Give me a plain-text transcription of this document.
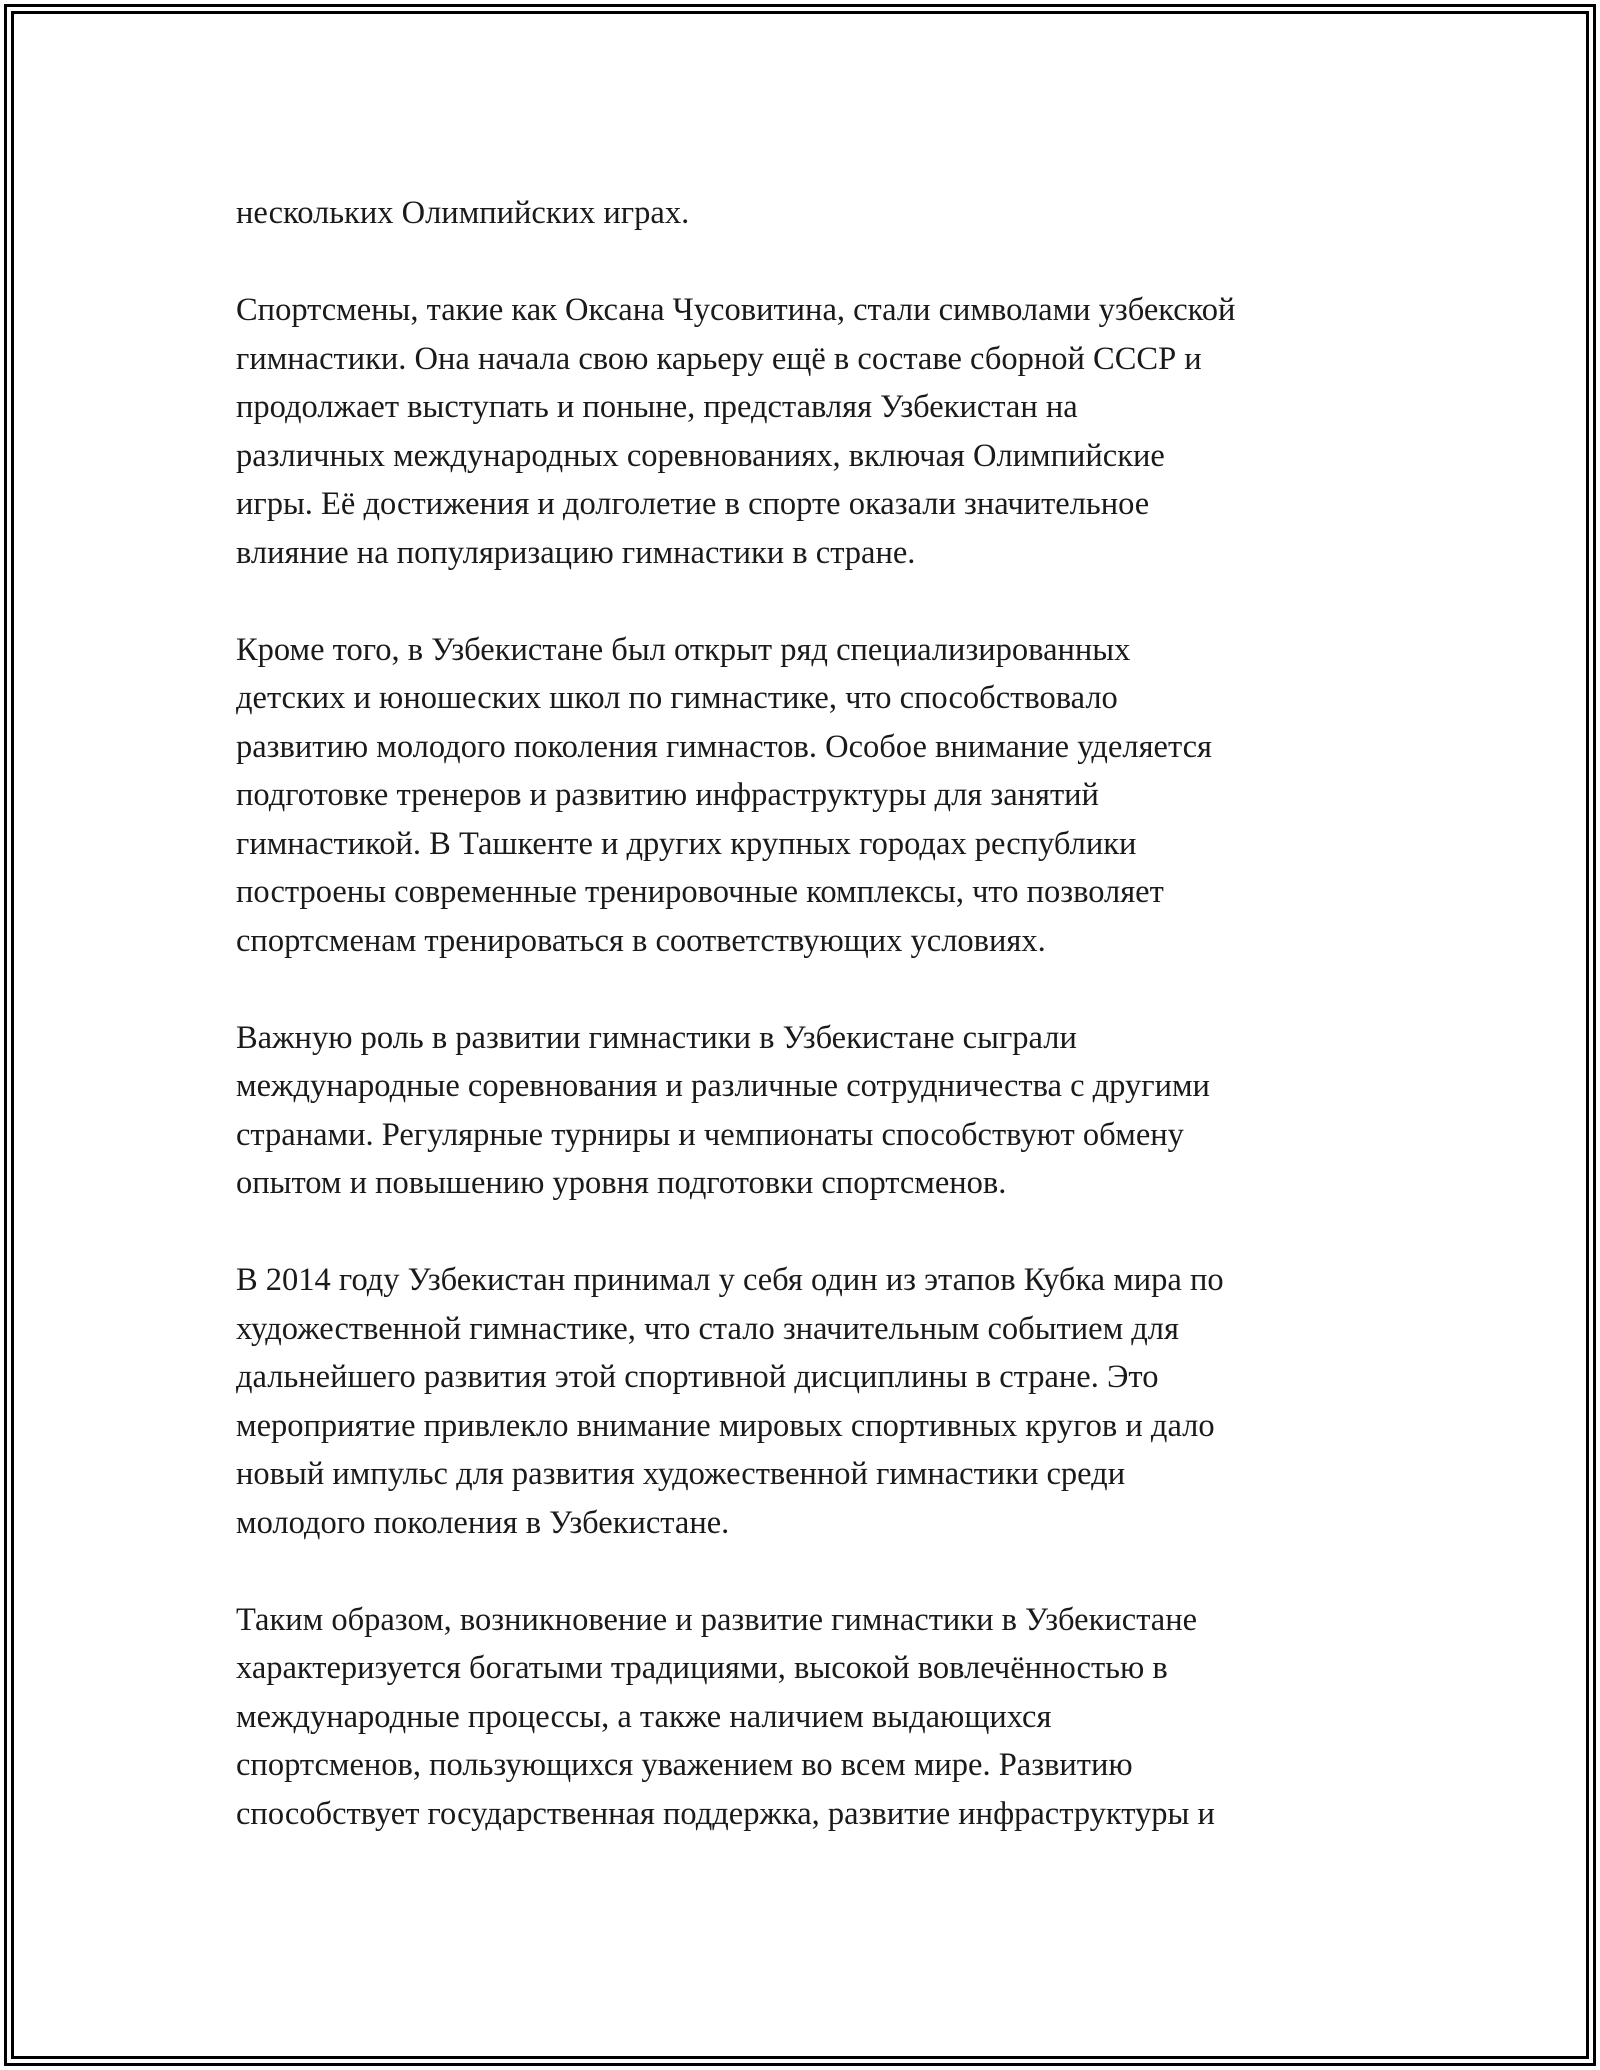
нескольких Олимпийских играх.

Спортсмены, такие как Оксана Чусовитина, стали символами узбекской
гимнастики. Она начала свою карьеру ещё в составе сборной СССР и
продолжает выступать и поныне, представляя Узбекистан на
различных международных соревнованиях, включая Олимпийские
игры. Её достижения и долголетие в спорте оказали значительное
влияние на популяризацию гимнастики в стране.

Кроме того, в Узбекистане был открыт ряд специализированных
детских и юношеских школ по гимнастике, что способствовало
развитию молодого поколения гимнастов. Особое внимание уделяется
подготовке тренеров и развитию инфраструктуры для занятий
гимнастикой. В Ташкенте и других крупных городах республики
построены современные тренировочные комплексы, что позволяет
спортсменам тренироваться в соответствующих условиях.

Важную роль в развитии гимнастики в Узбекистане сыграли
международные соревнования и различные сотрудничества с другими
странами. Регулярные турниры и чемпионаты способствуют обмену
опытом и повышению уровня подготовки спортсменов.

В 2014 году Узбекистан принимал у себя один из этапов Кубка мира по
художественной гимнастике, что стало значительным событием для
дальнейшего развития этой спортивной дисциплины в стране. Это
мероприятие привлекло внимание мировых спортивных кругов и дало
новый импульс для развития художественной гимнастики среди
молодого поколения в Узбекистане.

Таким образом, возникновение и развитие гимнастики в Узбекистане
характеризуется богатыми традициями, высокой вовлечённостью в
международные процессы, а также наличием выдающихся
спортсменов, пользующихся уважением во всем мире. Развитию
способствует государственная поддержка, развитие инфраструктуры и
